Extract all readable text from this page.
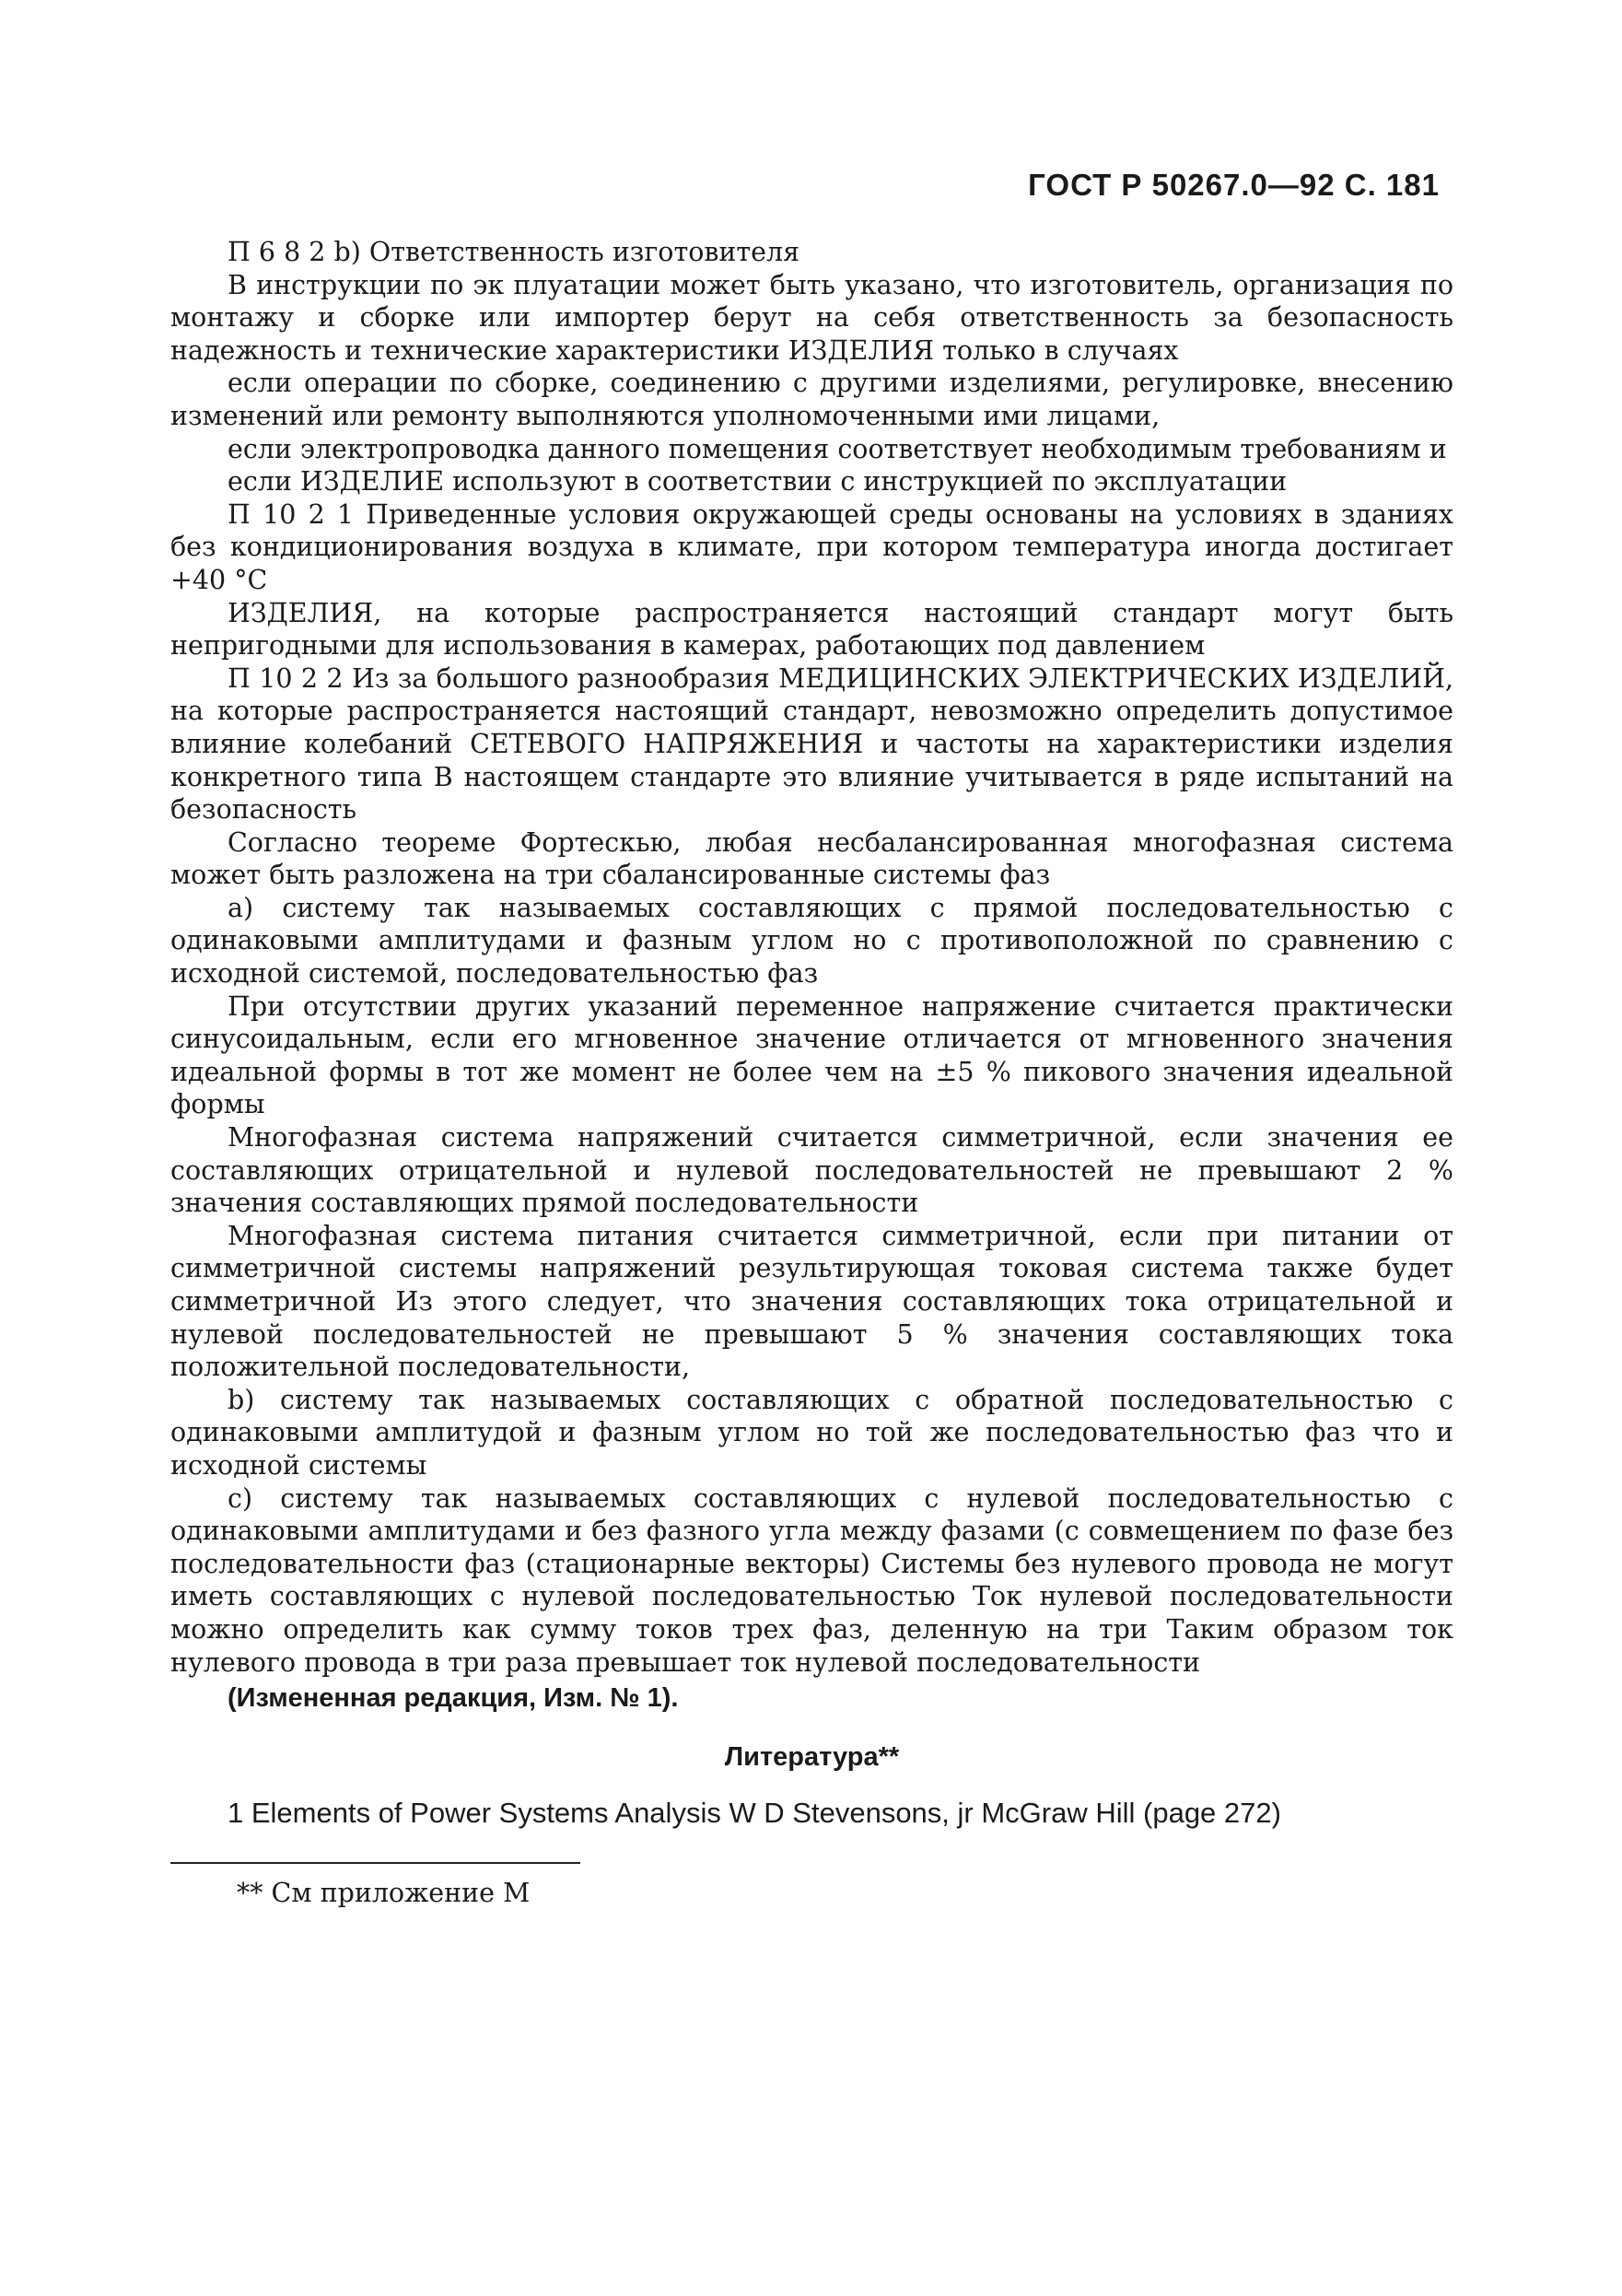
ГОСТ Р 50267.0—92 С. 181

П 6 8 2 b) Ответственность изготовителя

В инструкции по эк плуатации может быть указано, что изготовитель, организация по монтажу и сборке или импортер берут на себя ответственность за безопасность надежность и технические характеристики ИЗДЕЛИЯ только в случаях

если операции по сборке, соединению с другими изделиями, регулировке, внесению изменений или ремонту выполняются уполномоченными ими лицами,

если электропроводка данного помещения соответствует необходимым требованиям и

если ИЗДЕЛИЕ используют в соответствии с инструкцией по эксплуатации

П 10 2 1 Приведенные условия окружающей среды основаны на условиях в зданиях без кондиционирования воздуха в климате, при котором температура иногда достигает +40 °С

ИЗДЕЛИЯ, на которые распространяется настоящий стандарт могут быть непригодными для использования в камерах, работающих под давлением

П 10 2 2 Из за большого разнообразия МЕДИЦИНСКИХ ЭЛЕКТРИЧЕСКИХ ИЗДЕЛИЙ, на которые распространяется настоящий стандарт, невозможно определить допустимое влияние колебаний СЕТЕВОГО НАПРЯЖЕНИЯ и частоты на характеристики изделия конкретного типа В настоящем стандарте это влияние учитывается в ряде испытаний на безопасность

Согласно теореме Фортескью, любая несбалансированная многофазная система может быть разложена на три сбалансированные системы фаз

а) систему так называемых составляющих с прямой последовательностью с одинаковыми амплитудами и фазным углом но с противоположной по сравнению с исходной системой, последовательностью фаз

При отсутствии других указаний переменное напряжение считается практически синусоидальным, если его мгновенное значение отличается от мгновенного значения идеальной формы в тот же момент не более чем на ±5 % пикового значения идеальной формы

Многофазная система напряжений считается симметричной, если значения ее составляющих отрицательной и нулевой последовательностей не превышают 2 % значения составляющих прямой последовательности

Многофазная система питания считается симметричной, если при питании от симметричной системы напряжений результирующая токовая система также будет симметричной Из этого следует, что значения составляющих тока отрицательной и нулевой последовательностей не превышают 5 % значения составляющих тока положительной последовательности,

b) систему так называемых составляющих с обратной последовательностью с одинаковыми амплитудой и фазным углом но той же последовательностью фаз что и исходной системы

с) систему так называемых составляющих с нулевой последовательностью с одинаковыми амплитудами и без фазного угла между фазами (с совмещением по фазе без последовательности фаз (стационарные векторы) Системы без нулевого провода не могут иметь составляющих с нулевой последовательностью Ток нулевой последовательности можно определить как сумму токов трех фаз, деленную на три Таким образом ток нулевого провода в три раза превышает ток нулевой последовательности

(Измененная редакция, Изм. № 1).

Литература**

1 Elements of Power Systems Analysis W D Stevensons, jr McGraw Hill (page 272)

** См приложение М
